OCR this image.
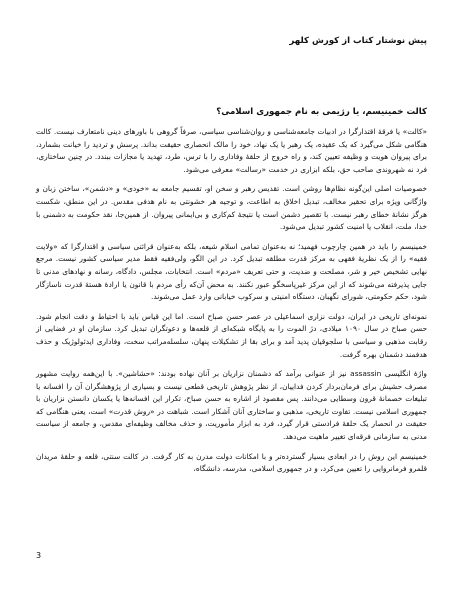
پیش نوشتار کتاب از کورش کلهر
کالت خمینیسم، یا رژیمی به نام جمهوری اسلامی؟

«کالت» یا فرقهٔ اقتدارگرا در ادبیات جامعه‌شناسی و روان‌شناسی سیاسی، صرفاً گروهی با باورهای دینی نامتعارف نیست. کالت هنگامی شکل می‌گیرد که یک عقیده، یک رهبر یا یک نهاد، خود را مالک انحصاری حقیقت بداند. پرسش و تردید را خیانت بشمارد، برای پیروان هویت و وظیفه تعیین کند، و راه خروج از حلقهٔ وفاداری را با ترس، طرد، تهدید یا مجازات ببندد. در چنین ساختاری، فرد نه شهروندی صاحب حق، بلکه ابزاری در خدمت «رسالت» معرفی می‌شود.

خصوصیات اصلی این‌گونه نظام‌ها روشن است. تقدیس رهبر و سخن او، تقسیم جامعه به «خودی» و «دشمن»، ساختن زبان و واژگانی ویژه برای تحقیر مخالف، تبدیل اخلاق به اطاعت، و توجیه هر خشونتی به نام هدفی مقدس. در این منطق، شکست هرگز نشانهٔ خطای رهبر نیست. با تقصیر دشمن است یا نتیجهٔ کم‌کاری و بی‌ایمانی پیروان. از همین‌جا، نقد حکومت به دشمنی با خدا، ملت، انقلاب یا امنیت کشور تبدیل می‌شود.

خمینیسم را باید در همین چارچوب فهمید؛ نه به‌عنوان تمامی اسلام شیعه، بلکه به‌عنوان قرائتی سیاسی و اقتدارگرا که «ولایت فقیه» را از یک نظریهٔ فقهی به مرکز قدرت مطلقه تبدیل کرد. در این الگو، ولی‌فقیه فقط مدیر سیاسی کشور نیست. مرجع نهایی تشخیص خیر و شر، مصلحت و ضدیت، و حتی تعریف «مردم» است. انتخابات، مجلس، دادگاه، رسانه و نهادهای مدنی تا جایی پذیرفته می‌شوند که از این مرکز غیرپاسخگو عبور نکنند. به محض آن‌که رأی مردم با قانون یا ارادهٔ هستهٔ قدرت ناسازگار شود، حکم حکومتی، شورای نگهبان، دستگاه امنیتی و سرکوب خیابانی وارد عمل می‌شوند.

نمونه‌ای تاریخی در ایران، دولت نزاری اسماعیلی در عصر حسن صباح است. اما این قیاس باید با احتیاط و دقت انجام شود. حسن صباح در سال ۱۰۹۰ میلادی، دژ الموت را به پایگاه شبکه‌ای از قلعه‌ها و دعوتگران تبدیل کرد. سازمان او در فضایی از رقابت مذهبی و سیاسی با سلجوقیان پدید آمد و برای بقا از تشکیلات پنهان، سلسله‌مراتب سخت، وفاداری ایدئولوژیک و حذف هدفمند دشمنان بهره گرفت.

واژهٔ انگلیسی assassin نیز از عنوانی برآمد که دشمنان نزاریان بر آنان نهاده بودند: «حشاشین». با این‌همه روایت مشهور مصرف حشیش برای فرمان‌بردار کردن فداییان، از نظر پژوهش تاریخی قطعی نیست و بسیاری از پژوهشگران آن را افسانه یا تبلیغات خصمانهٔ قرون وسطایی می‌دانند. پس مقصود از اشاره به حسن صباح، تکرار این افسانه‌ها یا یکسان دانستن نزاریان با جمهوری اسلامی نیست. تفاوت تاریخی، مذهبی و ساختاری آنان آشکار است. شباهت در «روش قدرت» است، یعنی هنگامی که حقیقت در انحصار یک حلقهٔ فرادستی قرار گیرد، فرد به ابزار مأموریت، و حذف مخالف وظیفه‌ای مقدس، و جامعه از سیاست مدنی به سازمانی فرقه‌ای تغییر ماهیت می‌دهد.

خمینیسم این روش را در ابعادی بسیار گسترده‌تر و با امکانات دولت مدرن به کار گرفت. در کالت سنتی، قلعه و حلقهٔ مریدان قلمرو فرمانروایی را تعیین می‌کرد، و در جمهوری اسلامی، مدرسه، دانشگاه،

3
